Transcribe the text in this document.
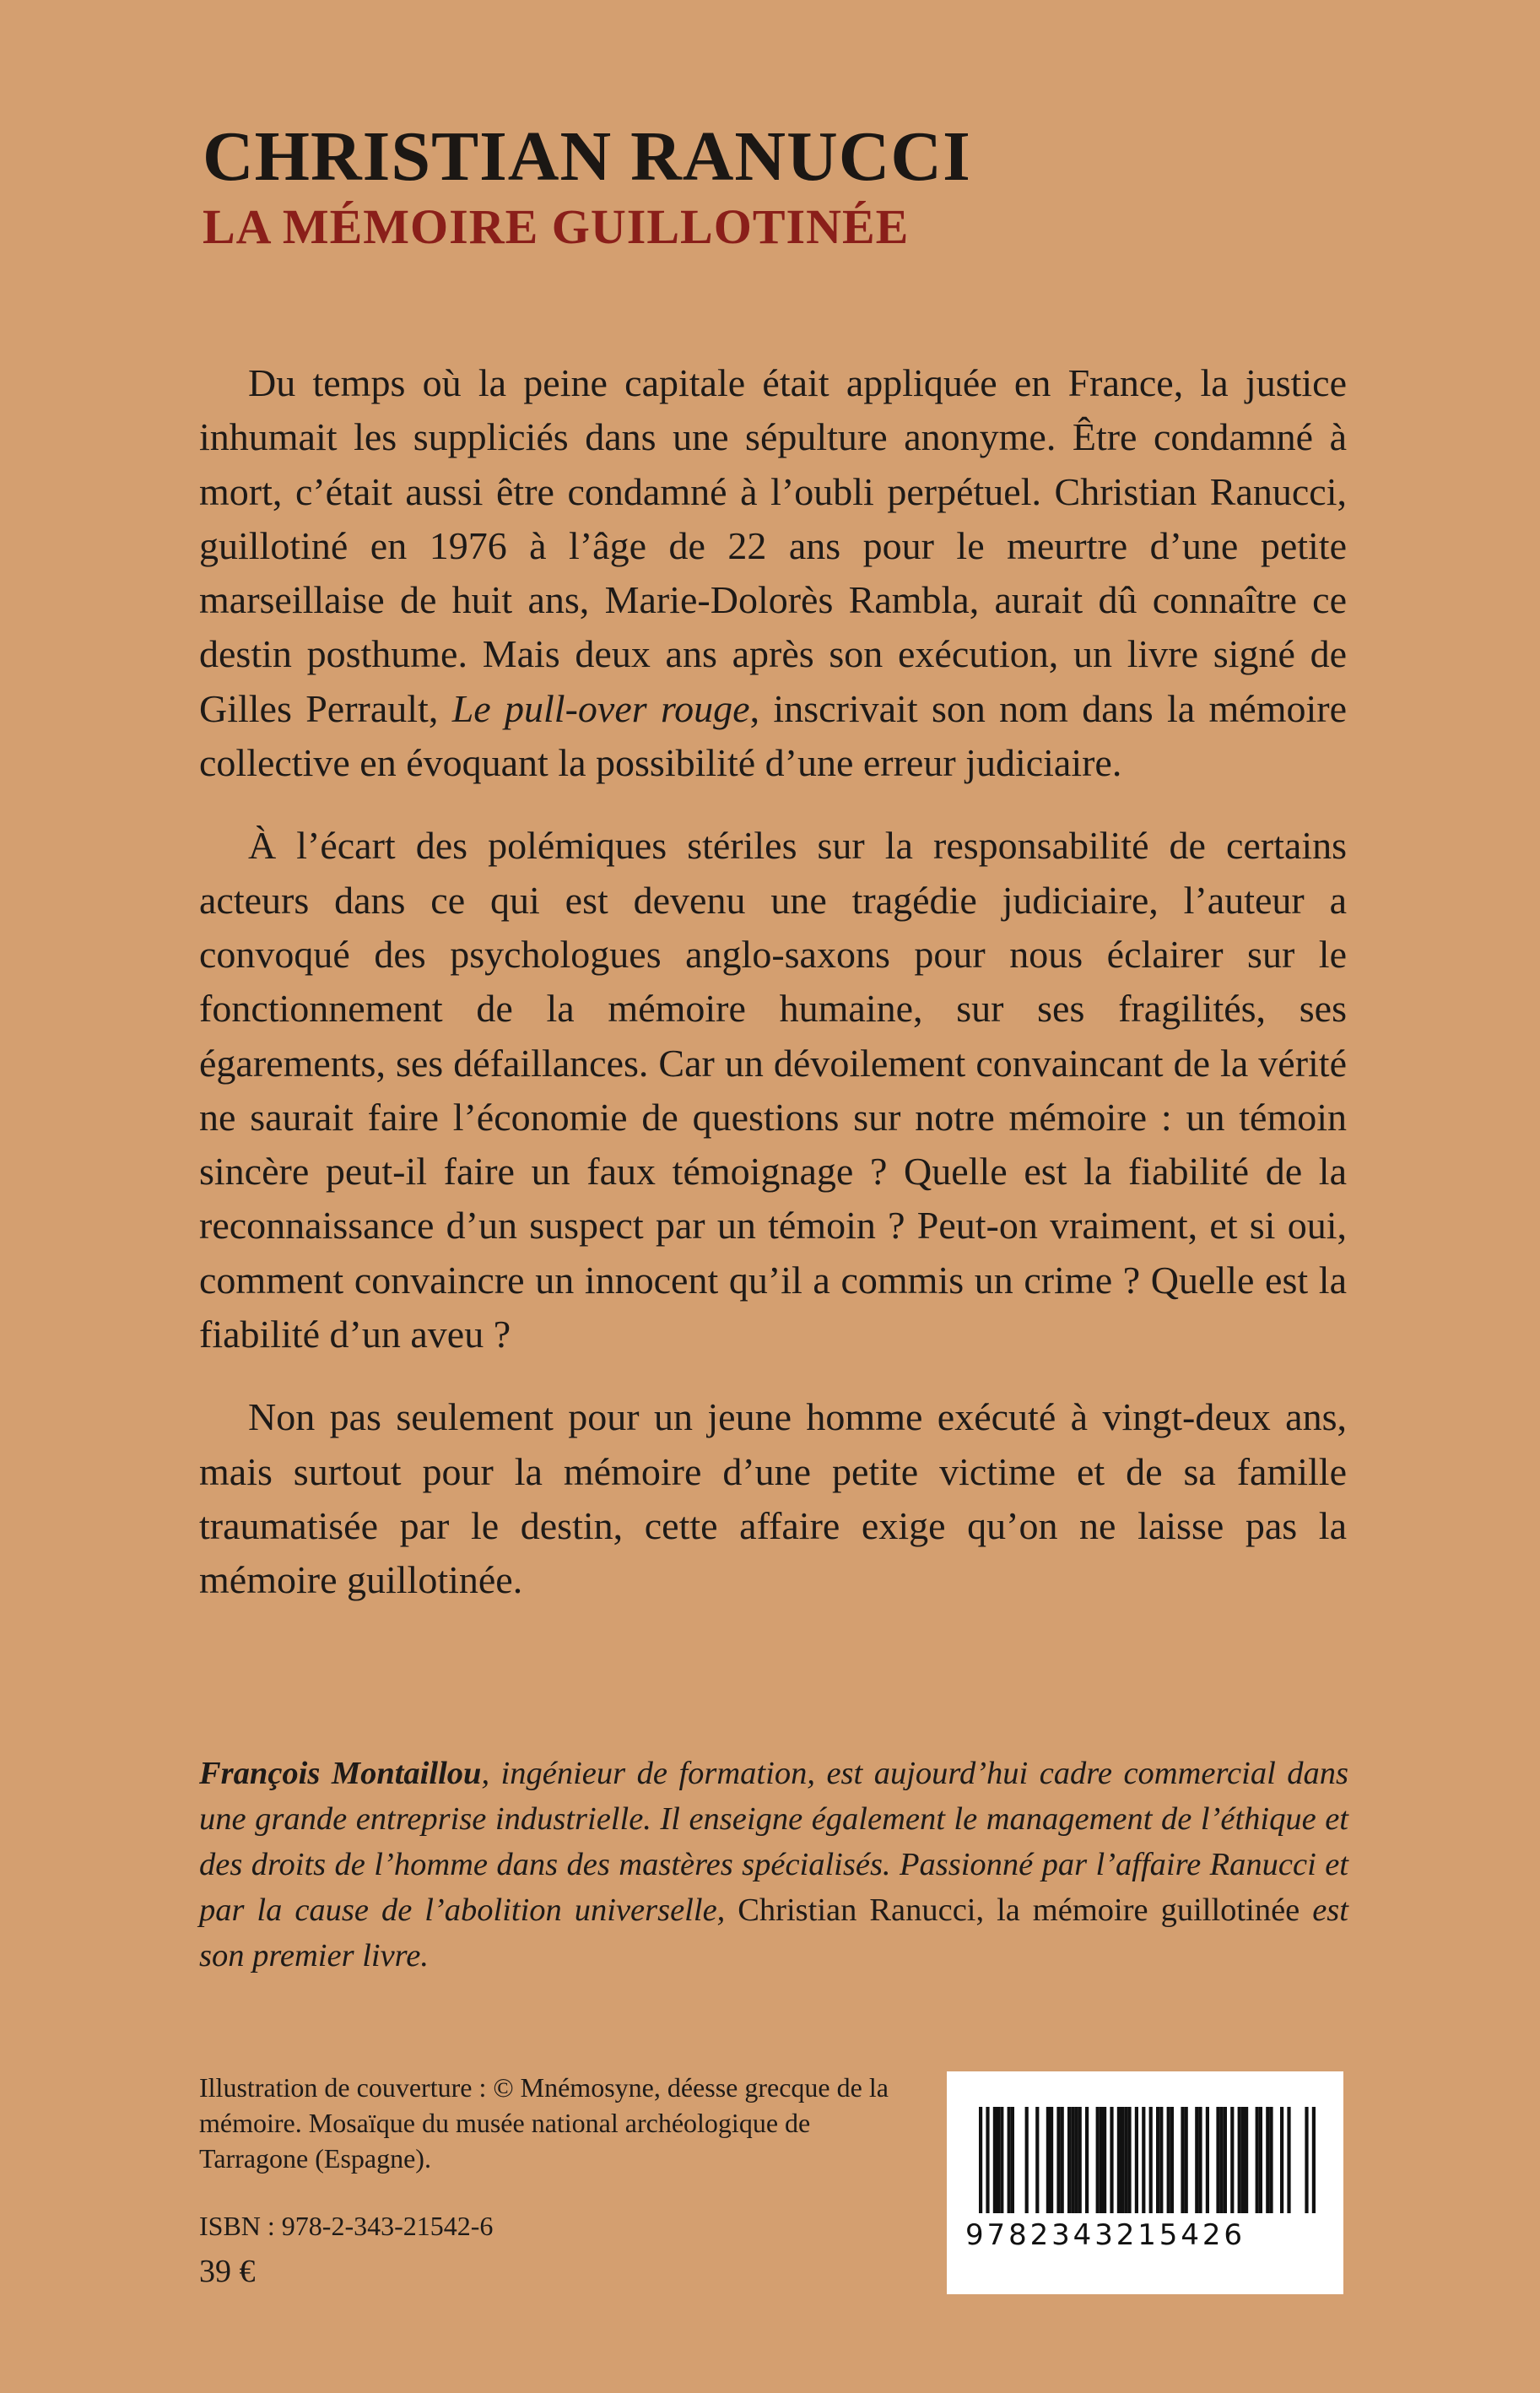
CHRISTIAN RANUCCI
LA MÉMOIRE GUILLOTINÉE

Du temps où la peine capitale était appliquée en France, la justice inhumait les suppliciés dans une sépulture anonyme. Être condamné à mort, c’était aussi être condamné à l’oubli perpétuel. Christian Ranucci, guillotiné en 1976 à l’âge de 22 ans pour le meurtre d’une petite marseillaise de huit ans, Marie-Dolorès Rambla, aurait dû connaître ce destin posthume. Mais deux ans après son exécution, un livre signé de Gilles Perrault, Le pull-over rouge, inscrivait son nom dans la mémoire collective en évoquant la possibilité d’une erreur judiciaire.

À l’écart des polémiques stériles sur la responsabilité de certains acteurs dans ce qui est devenu une tragédie judiciaire, l’auteur a convoqué des psychologues anglo-saxons pour nous éclairer sur le fonctionnement de la mémoire humaine, sur ses fragilités, ses égarements, ses défaillances. Car un dévoilement convaincant de la vérité ne saurait faire l’économie de questions sur notre mémoire : un témoin sincère peut-il faire un faux témoignage ? Quelle est la fiabilité de la reconnaissance d’un suspect par un témoin ? Peut-on vraiment, et si oui, comment convaincre un innocent qu’il a commis un crime ? Quelle est la fiabilité d’un aveu ?

Non pas seulement pour un jeune homme exécuté à vingt-deux ans, mais surtout pour la mémoire d’une petite victime et de sa famille traumatisée par le destin, cette affaire exige qu’on ne laisse pas la mémoire guillotinée.

François Montaillou, ingénieur de formation, est aujourd’hui cadre commercial dans une grande entreprise industrielle. Il enseigne également le management de l’éthique et des droits de l’homme dans des mastères spécialisés. Passionné par l’affaire Ranucci et par la cause de l’abolition universelle, Christian Ranucci, la mémoire guillotinée est son premier livre.
Illustration de couverture : © Mnémosyne, déesse grecque de la mémoire. Mosaïque du musée national archéologique de Tarragone (Espagne).
ISBN : 978-2-343-21542-6
39 €
9782343215426
